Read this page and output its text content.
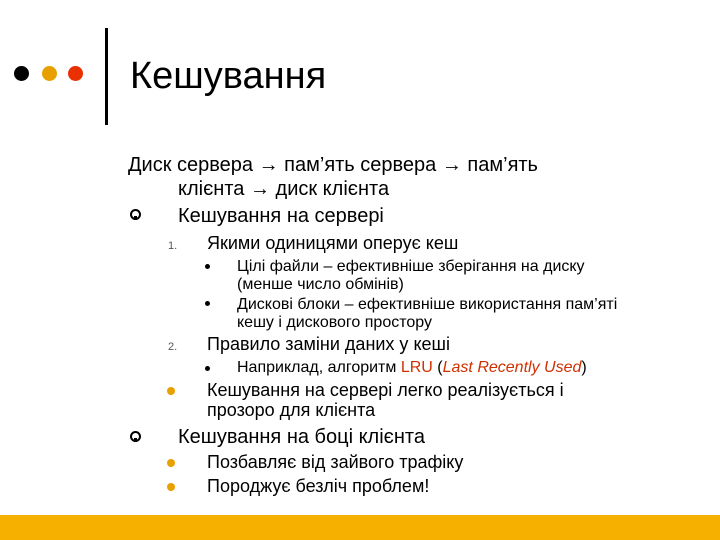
Кешування
Диск сервера → пам’ять сервера → пам’ять
клієнта → диск клієнта
Кешування на сервері
1. Якими одиницями оперує кеш
Цілі файли – ефективніше зберігання на диску
(менше число обмінів)
Дискові блоки – ефективніше використання пам’яті
кешу і дискового простору
2. Правило заміни даних у кеші
Наприклад, алгоритм LRU (Last Recently Used)
Кешування на сервері легко реалізується і
прозоро для клієнта
Кешування на боці клієнта
Позбавляє від зайвого трафіку
Породжує безліч проблем!
